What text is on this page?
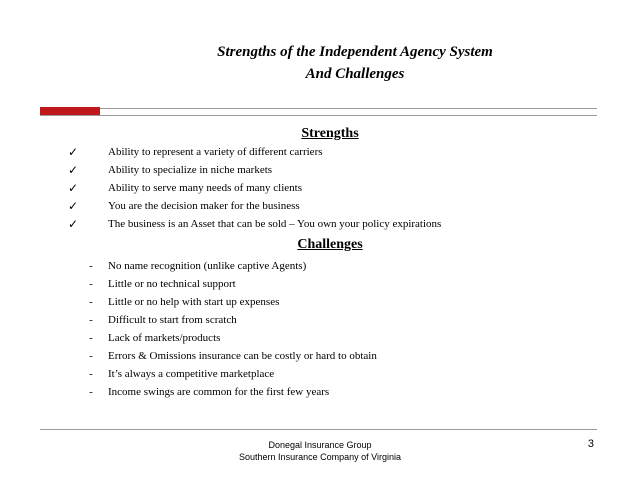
Strengths of the Independent Agency System
And Challenges
Strengths
✓	Ability to represent a variety of different carriers
✓	Ability to specialize in niche markets
✓	Ability to serve many needs of many clients
✓	You are the decision maker for the business
✓	The business is an Asset that can be sold – You own your policy expirations
Challenges
-	No name recognition (unlike captive Agents)
-	Little or no technical support
-	Little or no help with start up expenses
-	Difficult to start from scratch
-	Lack of markets/products
-	Errors & Omissions insurance can be costly or hard to obtain
-	It’s always a competitive marketplace
-	Income swings are common for the first few years
Donegal Insurance Group
Southern Insurance Company of Virginia
3
